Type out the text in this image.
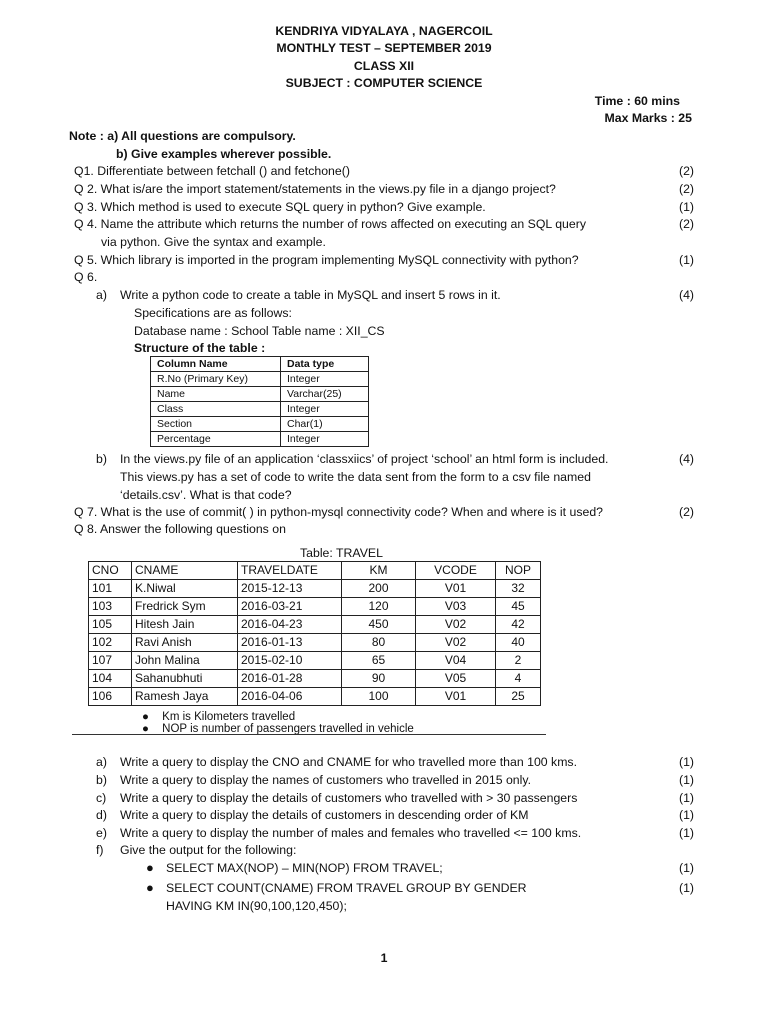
KENDRIYA VIDYALAYA , NAGERCOIL
MONTHLY TEST – SEPTEMBER 2019
CLASS XII
SUBJECT : COMPUTER SCIENCE
Time : 60 mins
Max Marks : 25
Note : a) All questions are compulsory.
b) Give examples wherever possible.
Q1. Differentiate between fetchall () and fetchone()	(2)
Q 2. What is/are the import statement/statements in the views.py file in a django project?	(2)
Q 3. Which method is used to execute SQL query in python? Give example.	(1)
Q 4. Name the attribute which returns the number of rows affected on executing an SQL query	(2)
via python. Give the syntax and example.
Q 5. Which library is imported in the program implementing MySQL connectivity with python?	(1)
Q 6.
a) Write a python code to create a table in MySQL and insert 5 rows in it.	(4)
Specifications are as follows:
Database name : School Table name : XII_CS
Structure of the table :
Column Name	Data type
R.No (Primary Key)	Integer
Name	Varchar(25)
Class	Integer
Section	Char(1)
Percentage	Integer
b) In the views.py file of an application ‘classxiics’ of project ‘school’ an html form is included.	(4)
This views.py has a set of code to write the data sent from the form to a csv file named
‘details.csv’. What is that code?
Q 7. What is the use of commit( ) in python-mysql connectivity code? When and where is it used?	(2)
Q 8. Answer the following questions on
Table: TRAVEL
CNO	CNAME	TRAVELDATE	KM	VCODE	NOP
101	K.Niwal	2015-12-13	200	V01	32
103	Fredrick Sym	2016-03-21	120	V03	45
105	Hitesh Jain	2016-04-23	450	V02	42
102	Ravi Anish	2016-01-13	80	V02	40
107	John Malina	2015-02-10	65	V04	2
104	Sahanubhuti	2016-01-28	90	V05	4
106	Ramesh Jaya	2016-04-06	100	V01	25
● Km is Kilometers travelled
● NOP is number of passengers travelled in vehicle
a) Write a query to display the CNO and CNAME for who travelled more than 100 kms.	(1)
b) Write a query to display the names of customers who travelled in 2015 only.	(1)
c) Write a query to display the details of customers who travelled with > 30 passengers	(1)
d) Write a query to display the details of customers in descending order of KM	(1)
e) Write a query to display the number of males and females who travelled <= 100 kms.	(1)
f) Give the output for the following:
● SELECT MAX(NOP) – MIN(NOP) FROM TRAVEL;	(1)
● SELECT COUNT(CNAME) FROM TRAVEL GROUP BY GENDER	(1)
HAVING KM IN(90,100,120,450);
1
